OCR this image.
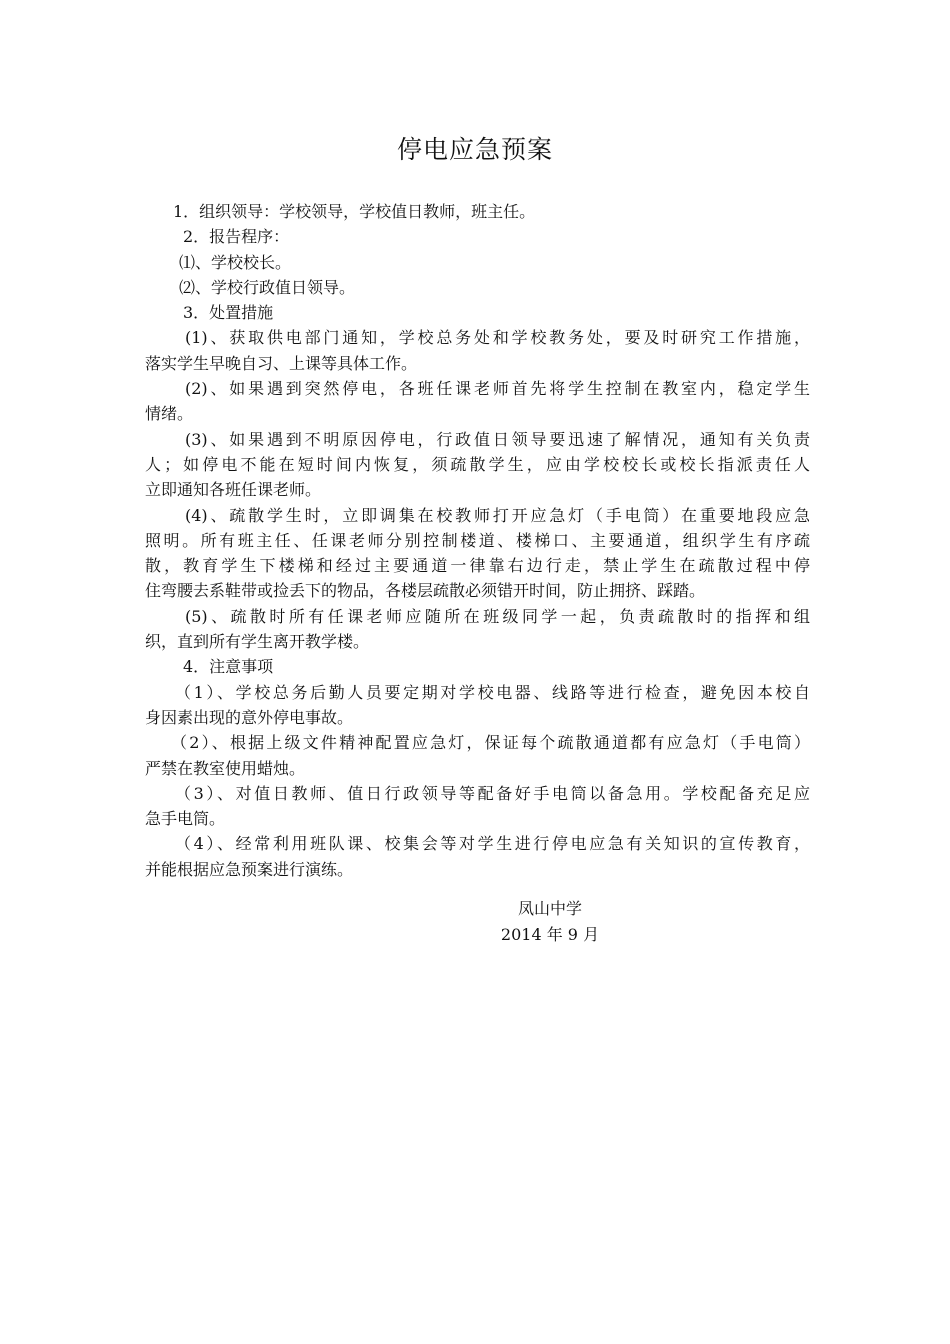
停电应急预案
1．组织领导：学校领导，学校值日教师，班主任。
2．报告程序：
⑴、学校校长。
⑵、学校行政值日领导。
3．处置措施
(1)、获取供电部门通知，学校总务处和学校教务处，要及时研究工作措施，
落实学生早晚自习、上课等具体工作。
(2)、如果遇到突然停电，各班任课老师首先将学生控制在教室内，稳定学生
情绪。
(3)、如果遇到不明原因停电，行政值日领导要迅速了解情况，通知有关负责
人；如停电不能在短时间内恢复，须疏散学生，应由学校校长或校长指派责任人
立即通知各班任课老师。
(4)、疏散学生时，立即调集在校教师打开应急灯（手电筒）在重要地段应急
照明。所有班主任、任课老师分别控制楼道、楼梯口、主要通道，组织学生有序疏
散，教育学生下楼梯和经过主要通道一律靠右边行走，禁止学生在疏散过程中停
住弯腰去系鞋带或捡丢下的物品，各楼层疏散必须错开时间，防止拥挤、踩踏。
(5)、疏散时所有任课老师应随所在班级同学一起，负责疏散时的指挥和组
织，直到所有学生离开教学楼。
4．注意事项
（1）、学校总务后勤人员要定期对学校电器、线路等进行检查，避免因本校自
身因素出现的意外停电事故。
（2）、根据上级文件精神配置应急灯，保证每个疏散通道都有应急灯（手电筒）
严禁在教室使用蜡烛。
（3）、对值日教师、值日行政领导等配备好手电筒以备急用。学校配备充足应
急手电筒。
（4）、经常利用班队课、校集会等对学生进行停电应急有关知识的宣传教育，
并能根据应急预案进行演练。
凤山中学
2014 年 9 月
